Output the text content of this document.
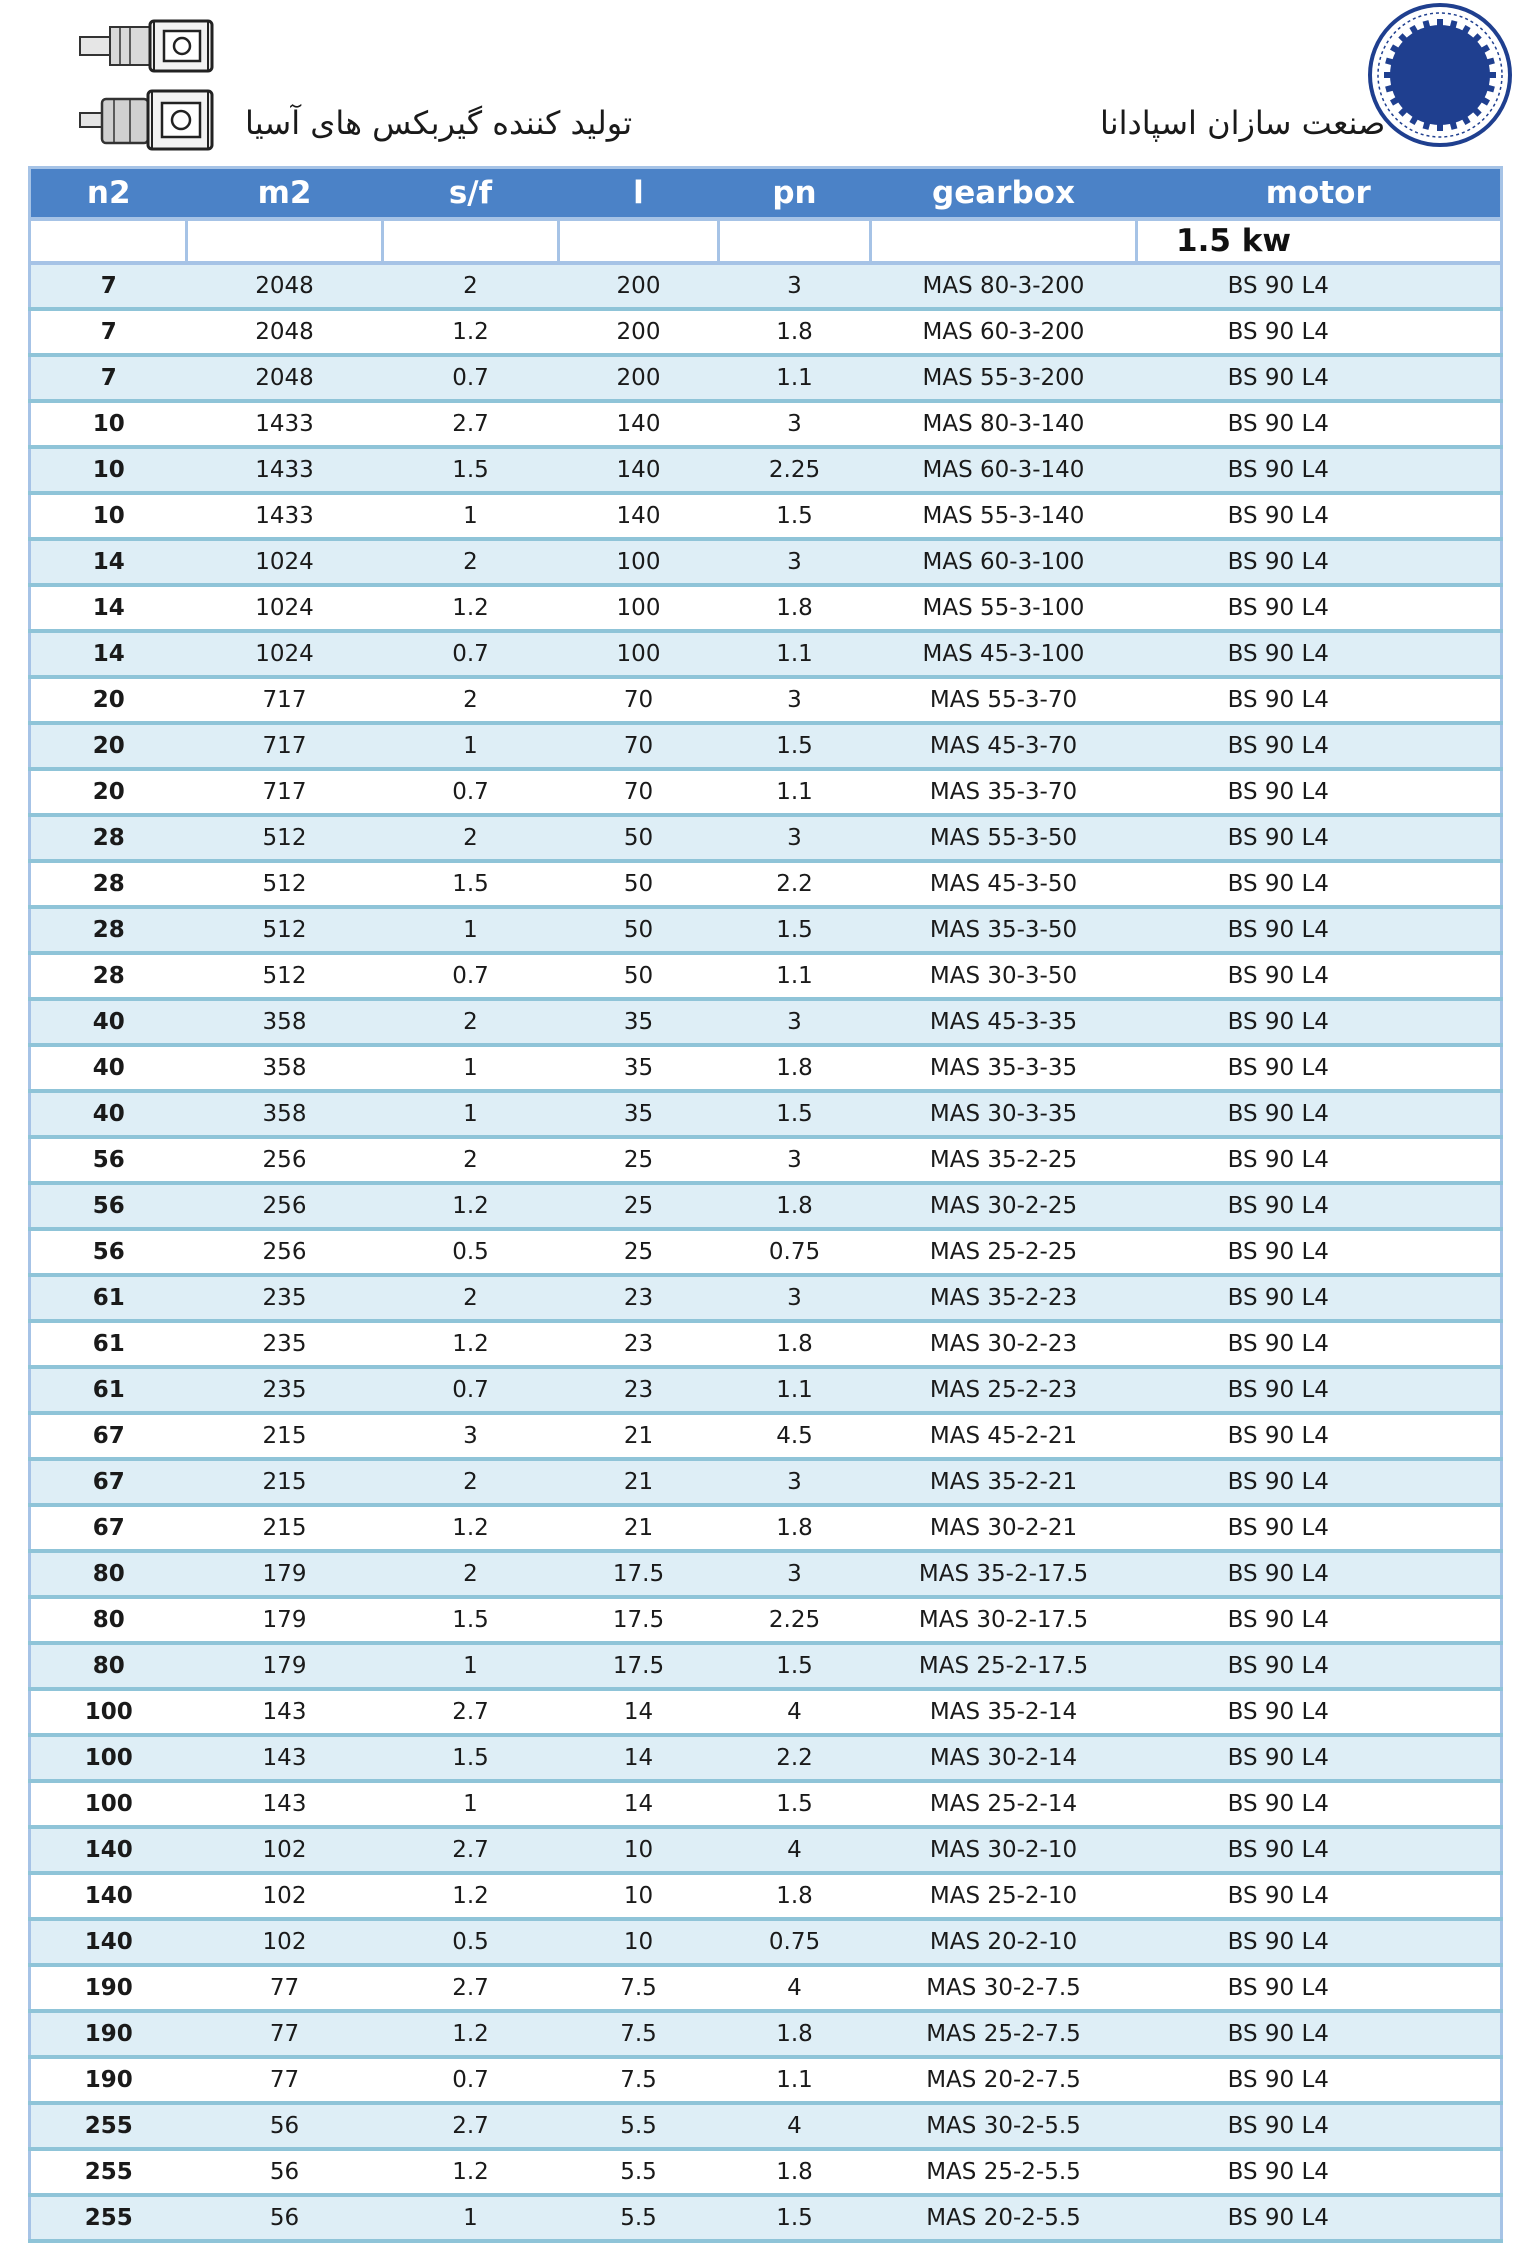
تولید کننده گیربکس های آسیا	صنعت سازان اسپادانا
n2	m2	s/f	l	pn	gearbox	motor
						1.5 kw
7	2048	2	200	3	MAS 80-3-200	BS 90 L4
7	2048	1.2	200	1.8	MAS 60-3-200	BS 90 L4
7	2048	0.7	200	1.1	MAS 55-3-200	BS 90 L4
10	1433	2.7	140	3	MAS 80-3-140	BS 90 L4
10	1433	1.5	140	2.25	MAS 60-3-140	BS 90 L4
10	1433	1	140	1.5	MAS 55-3-140	BS 90 L4
14	1024	2	100	3	MAS 60-3-100	BS 90 L4
14	1024	1.2	100	1.8	MAS 55-3-100	BS 90 L4
14	1024	0.7	100	1.1	MAS 45-3-100	BS 90 L4
20	717	2	70	3	MAS 55-3-70	BS 90 L4
20	717	1	70	1.5	MAS 45-3-70	BS 90 L4
20	717	0.7	70	1.1	MAS 35-3-70	BS 90 L4
28	512	2	50	3	MAS 55-3-50	BS 90 L4
28	512	1.5	50	2.2	MAS 45-3-50	BS 90 L4
28	512	1	50	1.5	MAS 35-3-50	BS 90 L4
28	512	0.7	50	1.1	MAS 30-3-50	BS 90 L4
40	358	2	35	3	MAS 45-3-35	BS 90 L4
40	358	1	35	1.8	MAS 35-3-35	BS 90 L4
40	358	1	35	1.5	MAS 30-3-35	BS 90 L4
56	256	2	25	3	MAS 35-2-25	BS 90 L4
56	256	1.2	25	1.8	MAS 30-2-25	BS 90 L4
56	256	0.5	25	0.75	MAS 25-2-25	BS 90 L4
61	235	2	23	3	MAS 35-2-23	BS 90 L4
61	235	1.2	23	1.8	MAS 30-2-23	BS 90 L4
61	235	0.7	23	1.1	MAS 25-2-23	BS 90 L4
67	215	3	21	4.5	MAS 45-2-21	BS 90 L4
67	215	2	21	3	MAS 35-2-21	BS 90 L4
67	215	1.2	21	1.8	MAS 30-2-21	BS 90 L4
80	179	2	17.5	3	MAS 35-2-17.5	BS 90 L4
80	179	1.5	17.5	2.25	MAS 30-2-17.5	BS 90 L4
80	179	1	17.5	1.5	MAS 25-2-17.5	BS 90 L4
100	143	2.7	14	4	MAS 35-2-14	BS 90 L4
100	143	1.5	14	2.2	MAS 30-2-14	BS 90 L4
100	143	1	14	1.5	MAS 25-2-14	BS 90 L4
140	102	2.7	10	4	MAS 30-2-10	BS 90 L4
140	102	1.2	10	1.8	MAS 25-2-10	BS 90 L4
140	102	0.5	10	0.75	MAS 20-2-10	BS 90 L4
190	77	2.7	7.5	4	MAS 30-2-7.5	BS 90 L4
190	77	1.2	7.5	1.8	MAS 25-2-7.5	BS 90 L4
190	77	0.7	7.5	1.1	MAS 20-2-7.5	BS 90 L4
255	56	2.7	5.5	4	MAS 30-2-5.5	BS 90 L4
255	56	1.2	5.5	1.8	MAS 25-2-5.5	BS 90 L4
255	56	1	5.5	1.5	MAS 20-2-5.5	BS 90 L4
